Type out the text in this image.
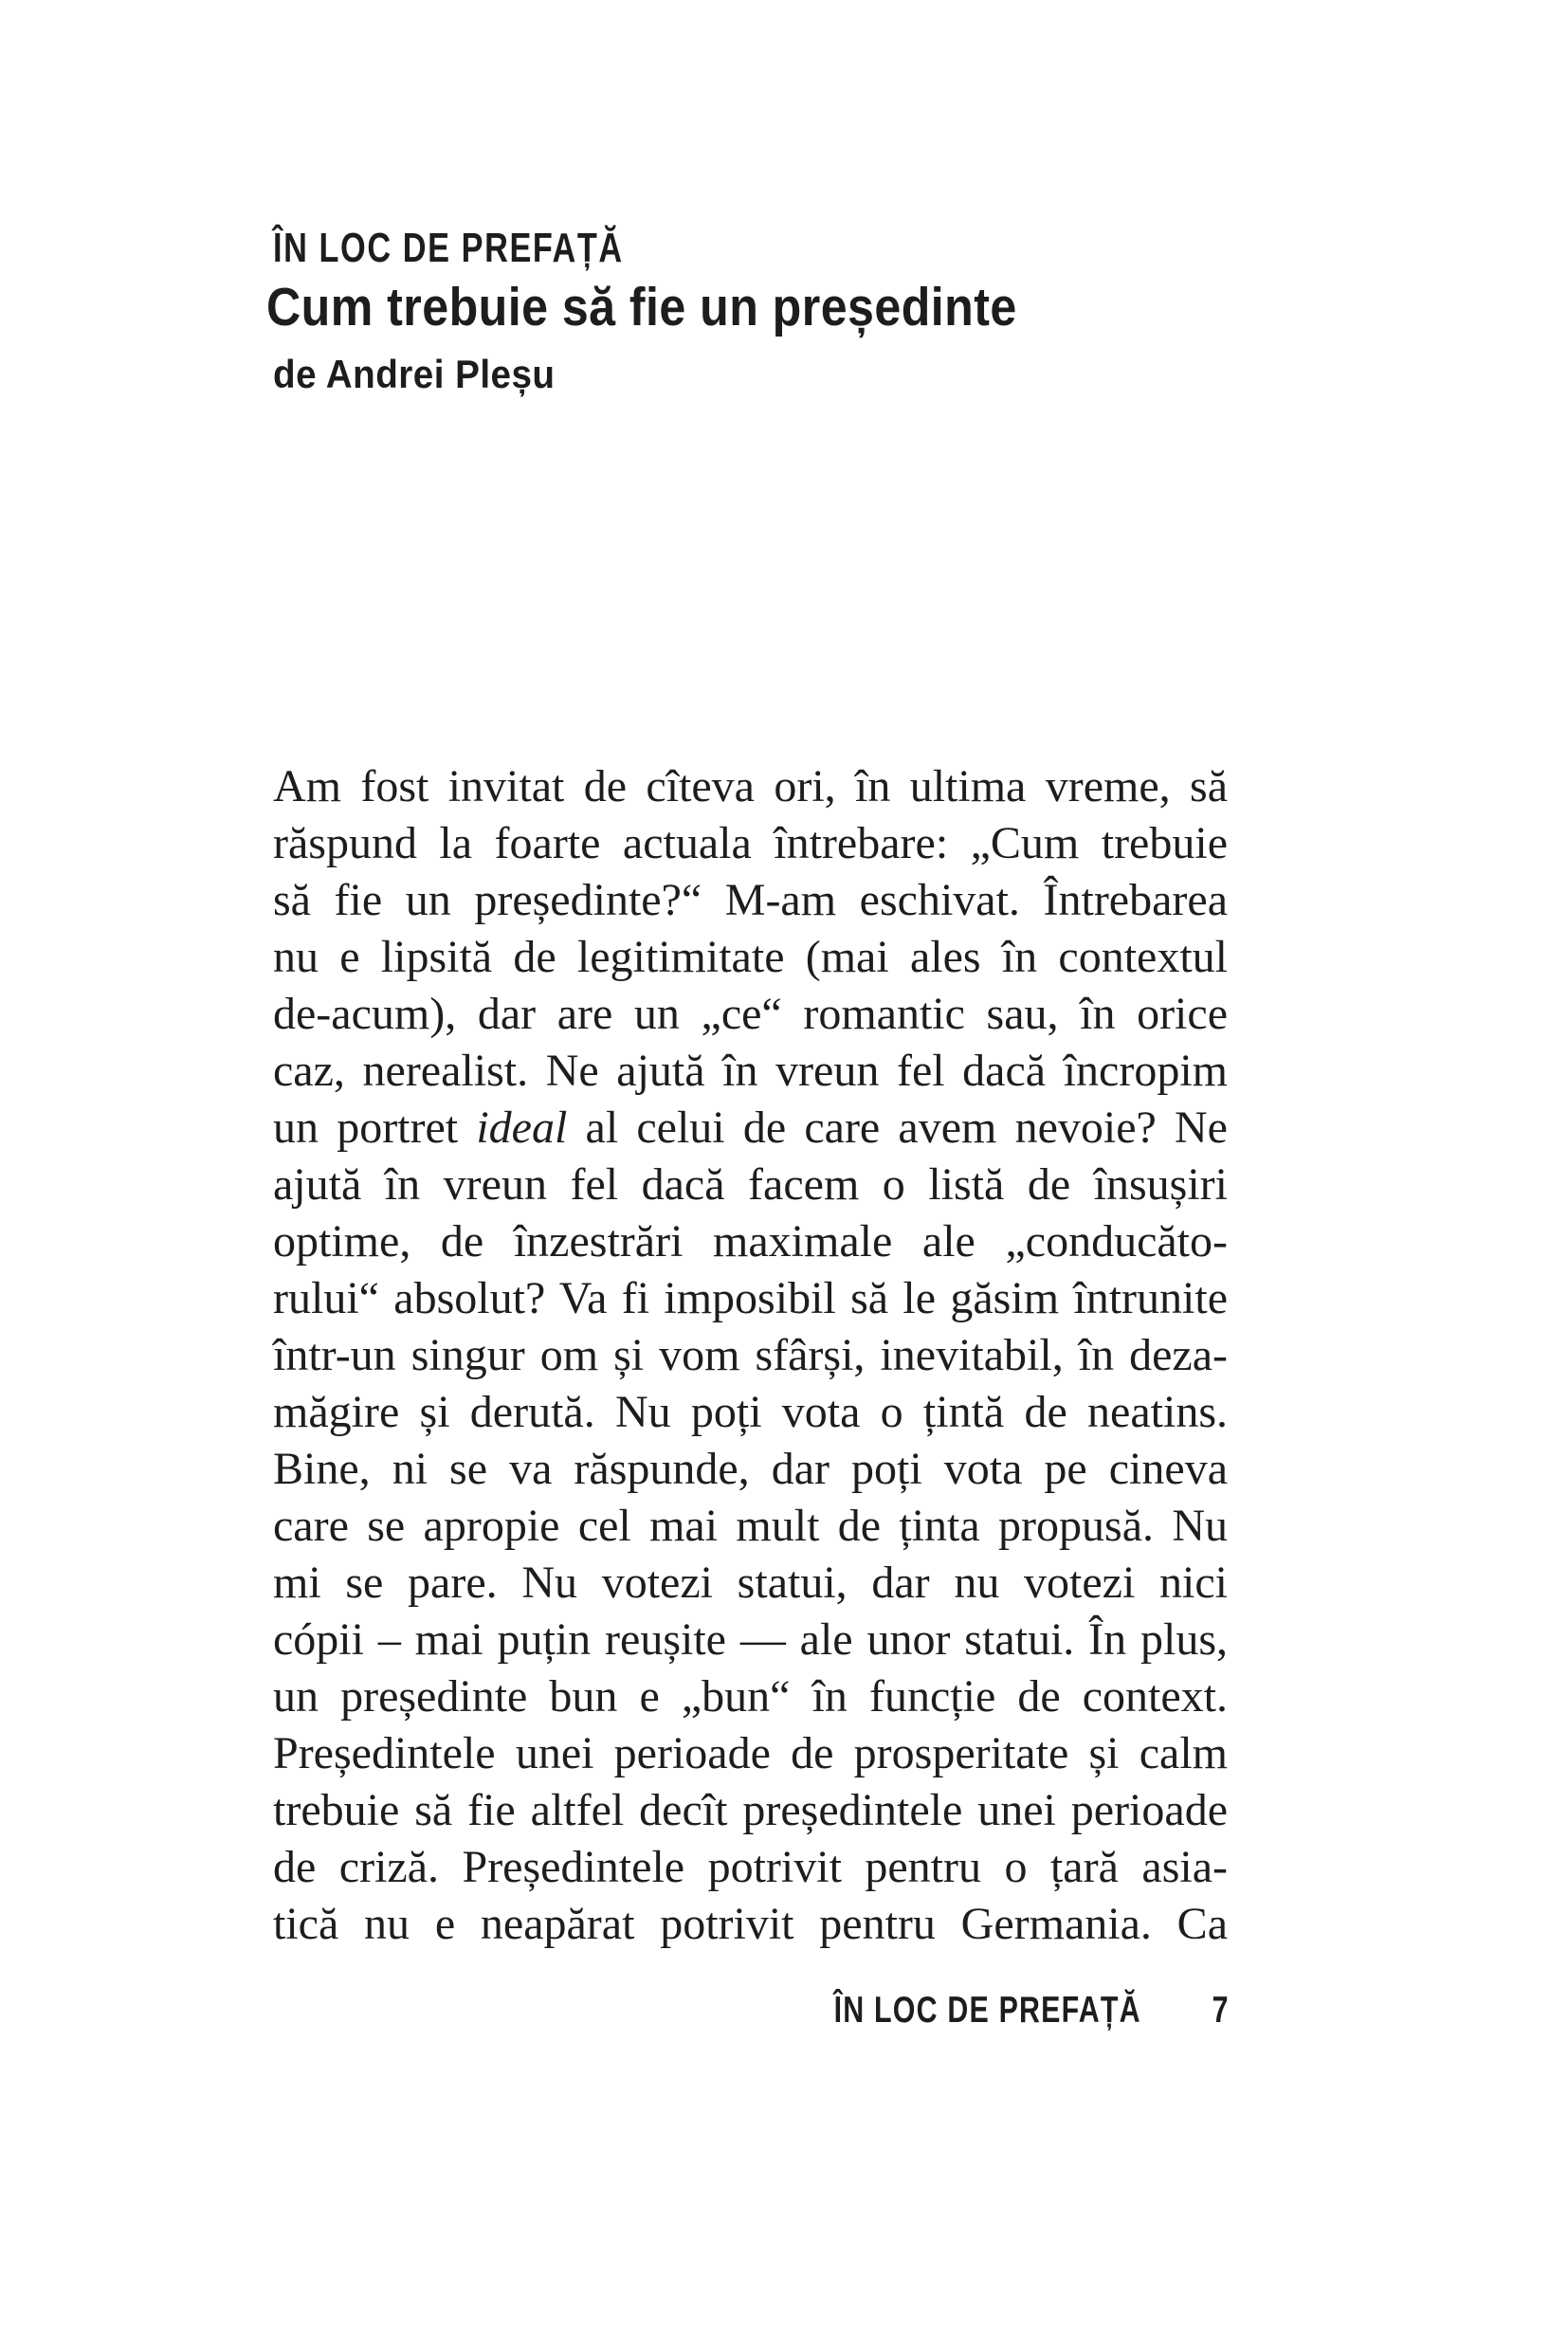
ÎN LOC DE PREFAȚĂ
Cum trebuie să fie un președinte
de Andrei Pleșu
Am fost invitat de cîteva ori, în ultima vreme, să
răspund la foarte actuala întrebare: „Cum trebuie
să fie un președinte?“ M-am eschivat. Întrebarea
nu e lipsită de legitimitate (mai ales în contextul
de-acum), dar are un „ce“ romantic sau, în orice
caz, nerealist. Ne ajută în vreun fel dacă încropim
un portret ideal al celui de care avem nevoie? Ne
ajută în vreun fel dacă facem o listă de însușiri
optime, de înzestrări maximale ale „conducăto-
rului“ absolut? Va fi imposibil să le găsim întrunite
într-un singur om și vom sfârși, inevitabil, în deza-
măgire și derută. Nu poți vota o țintă de neatins.
Bine, ni se va răspunde, dar poți vota pe cineva
care se apropie cel mai mult de ținta propusă. Nu
mi se pare. Nu votezi statui, dar nu votezi nici
cópii – mai puțin reușite — ale unor statui. În plus,
un președinte bun e „bun“ în funcție de context.
Președintele unei perioade de prosperitate și calm
trebuie să fie altfel decît președintele unei perioade
de criză. Președintele potrivit pentru o țară asia-
tică nu e neapărat potrivit pentru Germania. Ca
ÎN LOC DE PREFAȚĂ 7
